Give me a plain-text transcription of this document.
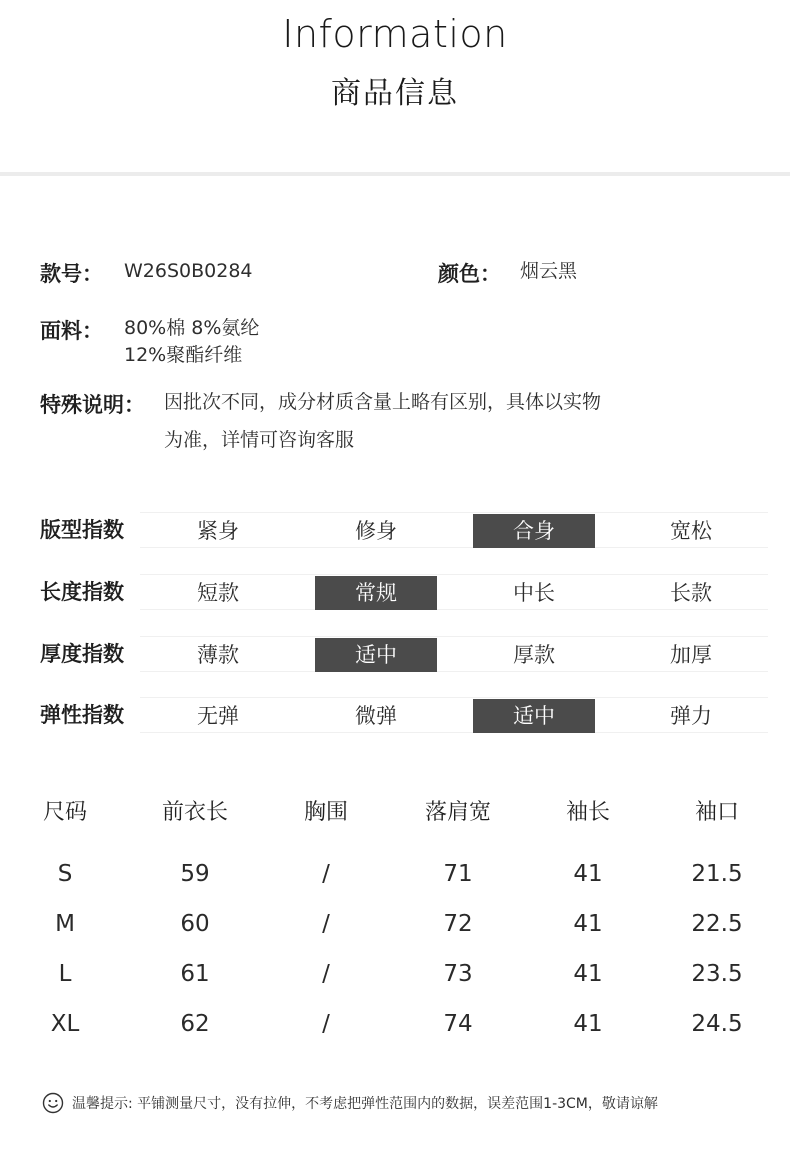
Information
商品信息
款号： W26S0B0284	颜色： 烟云黑
面料： 80%棉 8%氨纶
12%聚酯纤维
特殊说明： 因批次不同，成分材质含量上略有区别，具体以实物
为准，详情可咨询客服
版型指数	紧身	修身	合身	宽松
长度指数	短款	常规	中长	长款
厚度指数	薄款	适中	厚款	加厚
弹性指数	无弹	微弹	适中	弹力
尺码	前衣长	胸围	落肩宽	袖长	袖口
S	59	/	71	41	21.5
M	60	/	72	41	22.5
L	61	/	73	41	23.5
XL	62	/	74	41	24.5
温馨提示: 平铺测量尺寸，没有拉伸，不考虑把弹性范围内的数据，误差范围1-3CM，敬请谅解
